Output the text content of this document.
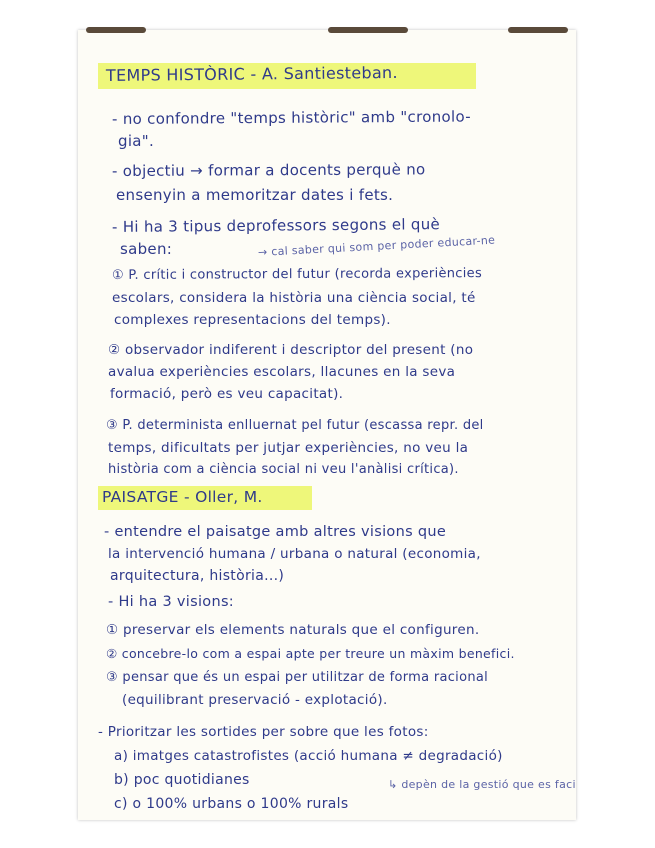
TEMPS HISTÒRIC - A. Santiesteban.
- no confondre "temps històric" amb "cronolo-
gia".
- objectiu → formar a docents perquè no
ensenyin a memoritzar dates i fets.
- Hi ha 3 tipus deprofessors segons el què
saben:	→ cal saber qui som per poder educar-ne
① P. crític i constructor del futur (recorda experiències
escolars, considera la història una ciència social, té
complexes representacions del temps).
② observador indiferent i descriptor del present (no
avalua experiències escolars, llacunes en la seva
formació, però es veu capacitat).
③ P. determinista enlluernat pel futur (escassa repr. del
temps, dificultats per jutjar experiències, no veu la
història com a ciència social ni veu l'anàlisi crítica).
PAISATGE - Oller, M.
- entendre el paisatge amb altres visions que
la intervenció humana / urbana o natural (economia,
arquitectura, història...)
- Hi ha 3 visions:
① preservar els elements naturals que el configuren.
② concebre-lo com a espai apte per treure un màxim benefici.
③ pensar que és un espai per utilitzar de forma racional
(equilibrant preservació - explotació).
- Prioritzar les sortides per sobre que les fotos:
a) imatges catastrofistes (acció humana ≠ degradació)
b) poc quotidianes
c) o 100% urbans o 100% rurals
↳ depèn de la gestió que es faci
